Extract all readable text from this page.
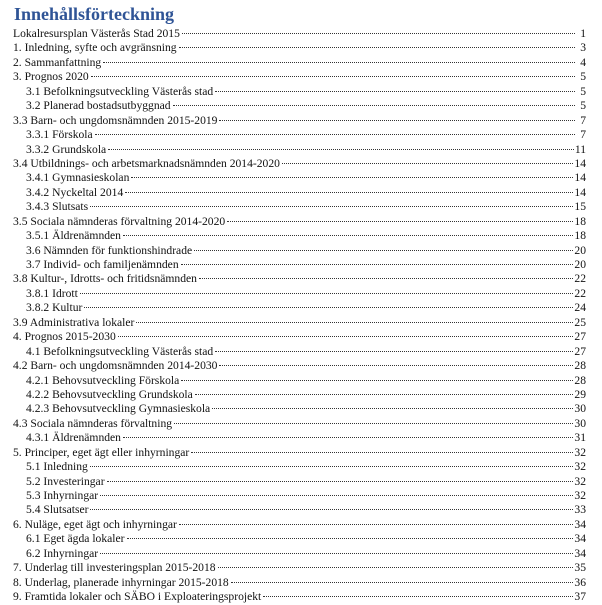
Innehållsförteckning
Lokalresursplan Västerås Stad 2015	1
1. Inledning, syfte och avgränsning	3
2. Sammanfattning	4
3. Prognos 2020	5
3.1 Befolkningsutveckling Västerås stad	5
3.2 Planerad bostadsutbyggnad	5
3.3 Barn- och ungdomsnämnden 2015-2019	7
3.3.1 Förskola	7
3.3.2 Grundskola	11
3.4 Utbildnings- och arbetsmarknadsnämnden 2014-2020	14
3.4.1 Gymnasieskolan	14
3.4.2 Nyckeltal 2014	14
3.4.3 Slutsats	15
3.5 Sociala nämnderas förvaltning 2014-2020	18
3.5.1 Äldrenämnden	18
3.6 Nämnden för funktionshindrade	20
3.7 Individ- och familjenämnden	20
3.8 Kultur-, Idrotts- och fritidsnämnden	22
3.8.1 Idrott	22
3.8.2 Kultur	24
3.9 Administrativa lokaler	25
4. Prognos 2015-2030	27
4.1 Befolkningsutveckling Västerås stad	27
4.2 Barn- och ungdomsnämnden 2014-2030	28
4.2.1 Behovsutveckling Förskola	28
4.2.2 Behovsutveckling Grundskola	29
4.2.3 Behovsutveckling Gymnasieskola	30
4.3 Sociala nämnderas förvaltning	30
4.3.1 Äldrenämnden	31
5. Principer, eget ägt eller inhyrningar	32
5.1 Inledning	32
5.2 Investeringar	32
5.3 Inhyrningar	32
5.4 Slutsatser	33
6. Nuläge, eget ägt och inhyrningar	34
6.1 Eget ägda lokaler	34
6.2 Inhyrningar	34
7. Underlag till investeringsplan 2015-2018	35
8. Underlag, planerade inhyrningar 2015-2018	36
9. Framtida lokaler och SÄBO i Exploateringsprojekt	37
